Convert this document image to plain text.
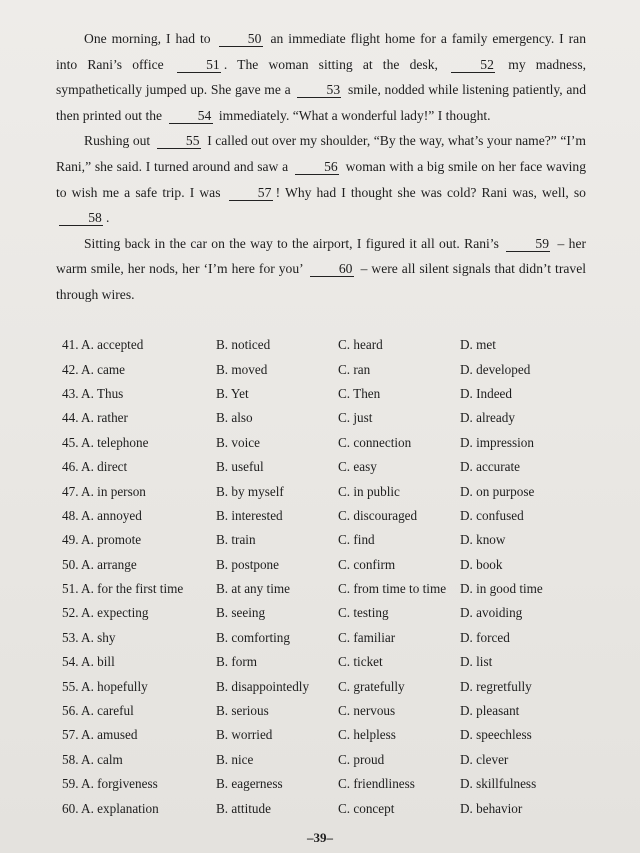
One morning, I had to	50 an immediate flight home for a family emergency. I ran into Rani’s office	51 . The woman sitting at the desk,	52 my madness, sympathetically jumped up. She gave me a	53 smile, nodded while listening patiently, and then printed out the	54 immediately. “What a wonderful lady!” I thought.

Rushing out	55 I called out over my shoulder, “By the way, what’s your name?” “I’m Rani,” she said. I turned around and saw a	56 woman with a big smile on her face waving to wish me a safe trip. I was	57 ! Why had I thought she was cold? Rani was, well, so 58 .

Sitting back in the car on the way to the airport, I figured it all out. Rani’s	59 – her warm smile, her nods, her ‘I’m here for you’	60 – were all silent signals that didn’t travel through wires.

41. A. accepted	B. noticed	C. heard	D. met
42. A. came	B. moved	C. ran	D. developed
43. A. Thus	B. Yet	C. Then	D. Indeed
44. A. rather	B. also	C. just	D. already
45. A. telephone	B. voice	C. connection	D. impression
46. A. direct	B. useful	C. easy	D. accurate
47. A. in person	B. by myself	C. in public	D. on purpose
48. A. annoyed	B. interested	C. discouraged	D. confused
49. A. promote	B. train	C. find	D. know
50. A. arrange	B. postpone	C. confirm	D. book
51. A. for the first time	B. at any time	C. from time to time	D. in good time
52. A. expecting	B. seeing	C. testing	D. avoiding
53. A. shy	B. comforting	C. familiar	D. forced
54. A. bill	B. form	C. ticket	D. list
55. A. hopefully	B. disappointedly	C. gratefully	D. regretfully
56. A. careful	B. serious	C. nervous	D. pleasant
57. A. amused	B. worried	C. helpless	D. speechless
58. A. calm	B. nice	C. proud	D. clever
59. A. forgiveness	B. eagerness	C. friendliness	D. skillfulness
60. A. explanation	B. attitude	C. concept	D. behavior
–39–
